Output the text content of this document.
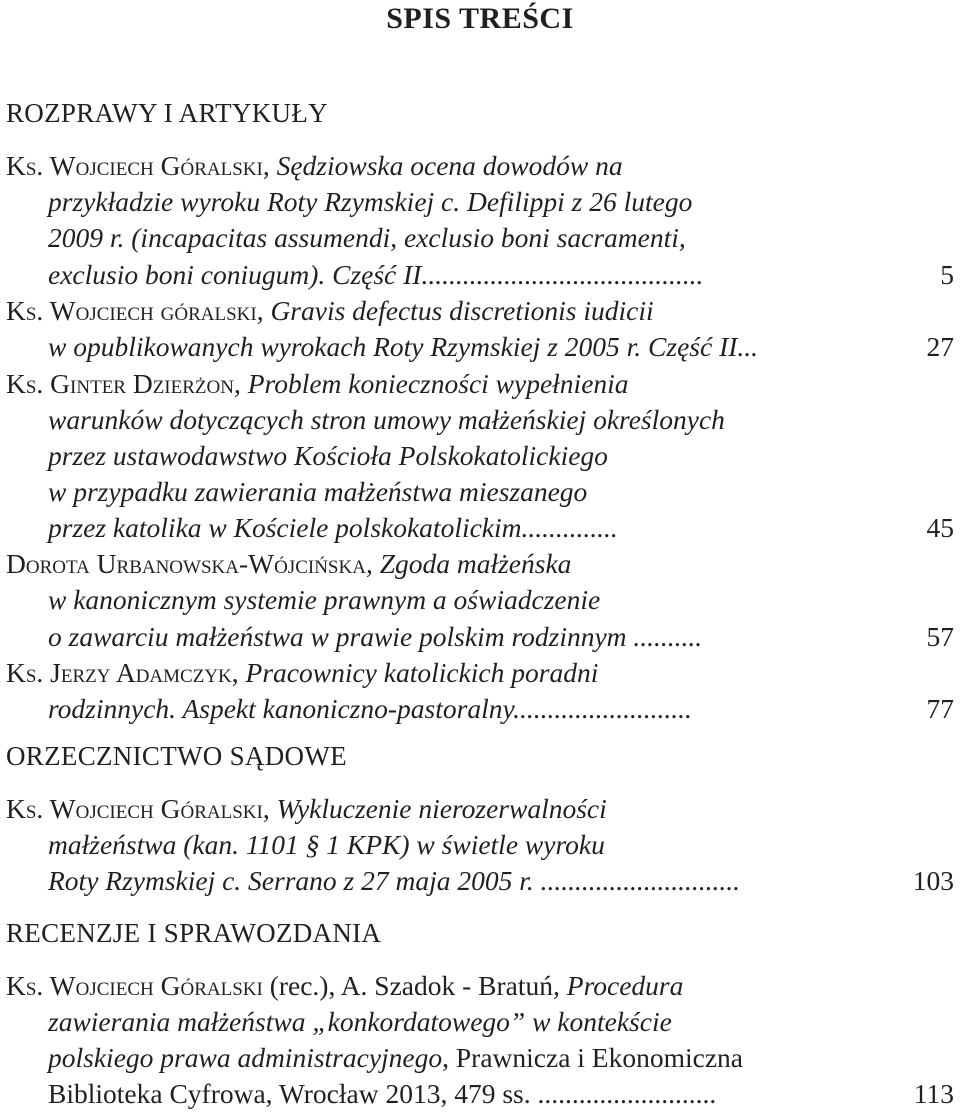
SPIS TREŚCI
ROZPRAWY I ARTYKUŁY
Ks. Wojciech Góralski, Sędziowska ocena dowodów na
przykładzie wyroku Roty Rzymskiej c. Defilippi z 26 lutego
2009 r. (incapacitas assumendi, exclusio boni sacramenti,
exclusio boni coniugum). Część II.........................................	5
Ks. Wojciech góralski, Gravis defectus discretionis iudicii
w opublikowanych wyrokach Roty Rzymskiej z 2005 r. Część II...	27
Ks. Ginter Dzierżon, Problem konieczności wypełnienia
warunków dotyczących stron umowy małżeńskiej określonych
przez ustawodawstwo Kościoła Polskokatolickiego
w przypadku zawierania małżeństwa mieszanego
przez katolika w Kościele polskokatolickim..............	45
Dorota Urbanowska-Wójcińska, Zgoda małżeńska
w kanonicznym systemie prawnym a oświadczenie
o zawarciu małżeństwa w prawie polskim rodzinnym ..........	57
Ks. Jerzy Adamczyk, Pracownicy katolickich poradni
rodzinnych. Aspekt kanoniczno-pastoralny..........................	77
ORZECZNICTWO SĄDOWE
Ks. Wojciech Góralski, Wykluczenie nierozerwalności
małżeństwa (kan. 1101 § 1 KPK) w świetle wyroku
Roty Rzymskiej c. Serrano z 27 maja 2005 r. .............................	103
RECENZJE I SPRAWOZDANIA
Ks. Wojciech Góralski (rec.), A. Szadok - Bratuń, Procedura
zawierania małżeństwa „konkordatowego” w kontekście
polskiego prawa administracyjnego, Prawnicza i Ekonomiczna
Biblioteka Cyfrowa, Wrocław 2013, 479 ss. ..........................	113
